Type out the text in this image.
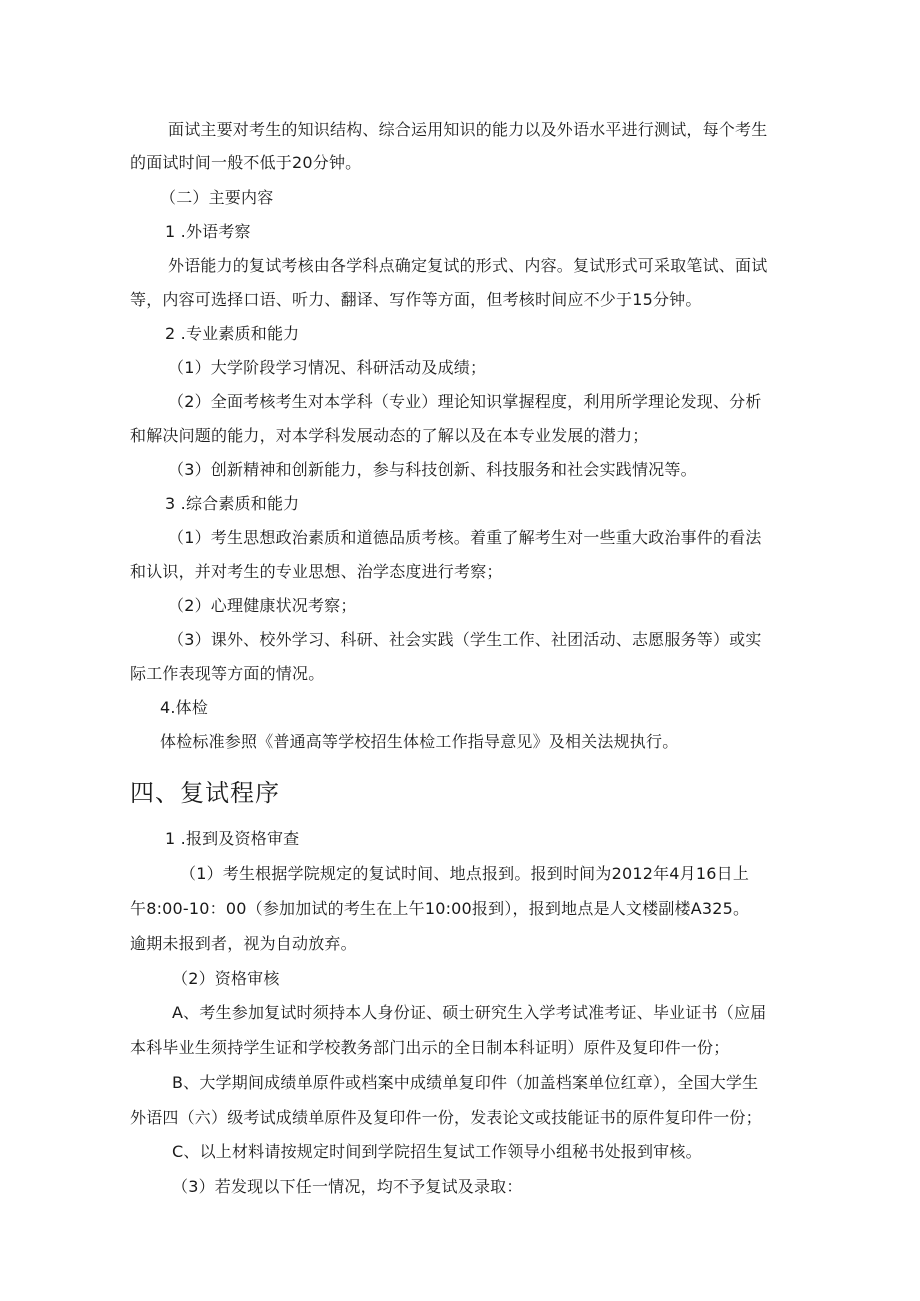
面试主要对考生的知识结构、综合运用知识的能力以及外语水平进行测试，每个考生
的面试时间一般不低于20分钟。
（二）主要内容
1 .外语考察
外语能力的复试考核由各学科点确定复试的形式、内容。复试形式可采取笔试、面试
等，内容可选择口语、听力、翻译、写作等方面，但考核时间应不少于15分钟。
2 .专业素质和能力
（1）大学阶段学习情况、科研活动及成绩；
（2）全面考核考生对本学科（专业）理论知识掌握程度，利用所学理论发现、分析
和解决问题的能力，对本学科发展动态的了解以及在本专业发展的潜力；
（3）创新精神和创新能力，参与科技创新、科技服务和社会实践情况等。
3 .综合素质和能力
（1）考生思想政治素质和道德品质考核。着重了解考生对一些重大政治事件的看法
和认识，并对考生的专业思想、治学态度进行考察；
（2）心理健康状况考察；
（3）课外、校外学习、科研、社会实践（学生工作、社团活动、志愿服务等）或实
际工作表现等方面的情况。
4.体检
体检标准参照《普通高等学校招生体检工作指导意见》及相关法规执行。
四、复试程序
1 .报到及资格审查
（1）考生根据学院规定的复试时间、地点报到。报到时间为2012年4月16日上
午8:00-10：00（参加加试的考生在上午10:00报到），报到地点是人文楼副楼A325。
逾期未报到者，视为自动放弃。
（2）资格审核
A、考生参加复试时须持本人身份证、硕士研究生入学考试准考证、毕业证书（应届
本科毕业生须持学生证和学校教务部门出示的全日制本科证明）原件及复印件一份；
B、大学期间成绩单原件或档案中成绩单复印件（加盖档案单位红章），全国大学生
外语四（六）级考试成绩单原件及复印件一份，发表论文或技能证书的原件复印件一份；
C、以上材料请按规定时间到学院招生复试工作领导小组秘书处报到审核。
（3）若发现以下任一情况，均不予复试及录取：
